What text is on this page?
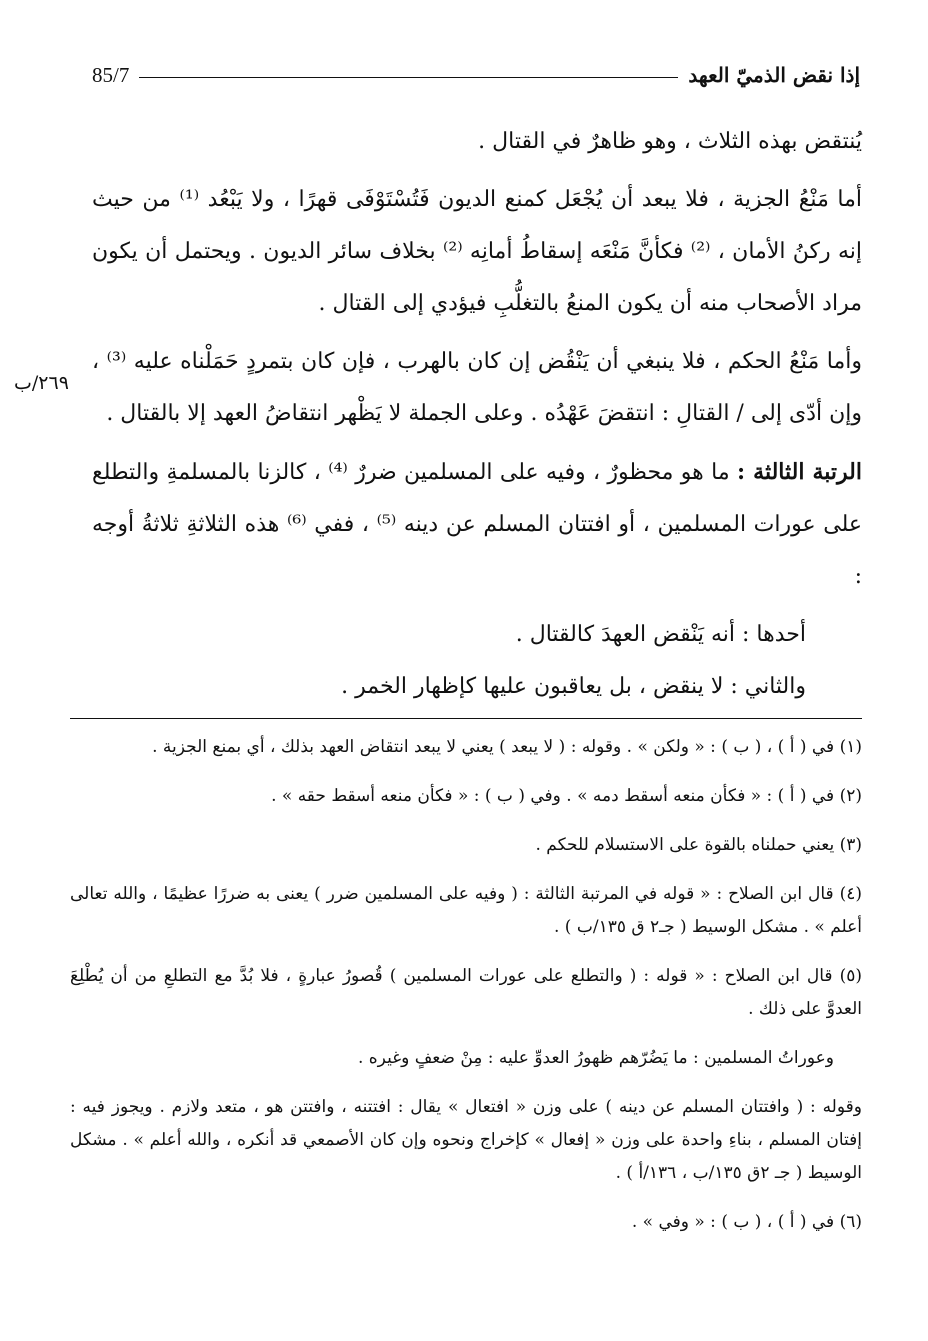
إذا نقض الذميّ العهد
85/7
٢٦٩/ب

يُنتقض بهذه الثلاث ، وهو ظاهرٌ في القتال .

أما مَنْعُ الجزية ، فلا يبعد أن يُجْعَل كمنع الديون فَتُسْتَوْفَى قهرًا ، ولا يَبْعُد ⁽¹⁾ من حيث إنه ركنُ الأمان ، ⁽²⁾ فكأنَّ مَنْعَه إسقاطُ أمانِه ⁽²⁾ بخلاف سائر الديون . ويحتمل أن يكون مراد الأصحاب منه أن يكون المنعُ بالتغلُّبِ فيؤدي إلى القتال .

وأما مَنْعُ الحكم ، فلا ينبغي أن يَنْقُض إن كان بالهرب ، فإن كان بتمردٍ حَمَلْناه عليه ⁽³⁾ ، وإن أدّى إلى / القتالِ : انتقضَ عَهْدُه . وعلى الجملة لا يَظْهر انتقاضُ العهد إلا بالقتال .

الرتبة الثالثة : ما هو محظورٌ ، وفيه على المسلمين ضررٌ ⁽⁴⁾ ، كالزنا بالمسلمةِ والتطلع على عورات المسلمين ، أو افتتان المسلم عن دينه ⁽⁵⁾ ، ففي ⁽⁶⁾ هذه الثلاثةِ ثلاثةُ أوجه :

أحدها : أنه يَنْقض العهدَ كالقتال .

والثاني : لا ينقض ، بل يعاقبون عليها كإظهار الخمر .

(١) في ( أ ) ، ( ب ) : « ولكن » . وقوله : ( لا يبعد ) يعني لا يبعد انتقاض العهد بذلك ، أي بمنع الجزية .

(٢) في ( أ ) : « فكأن منعه أسقط دمه » . وفي ( ب ) : « فكأن منعه أسقط حقه » .

(٣) يعني حملناه بالقوة على الاستسلام للحكم .

(٤) قال ابن الصلاح : « قوله في المرتبة الثالثة : ( وفيه على المسلمين ضرر ) يعنى به ضررًا عظيمًا ، والله تعالى أعلم » . مشكل الوسيط ( جـ٢ ق ١٣٥/ب ) .

(٥) قال ابن الصلاح : « قوله : ( والتطلع على عورات المسلمين ) قُصورُ عبارةٍ ، فلا بُدَّ مع التطلعِ من أن يُطْلِعَ العدوَّ على ذلك .

وعوراتُ المسلمين : ما يَضُرّهم ظهورُ العدوِّ عليه : مِنْ ضعفٍ وغيره .

وقوله : ( وافتتان المسلم عن دينه ) على وزن « افتعال » يقال : افتتنه ، وافتتن هو ، متعد ولازم . ويجوز فيه : إفتان المسلم ، بناءِ واحدة على وزن « إفعال » كإخراج ونحوه وإن كان الأصمعي قد أنكره ، والله أعلم » . مشكل الوسيط ( جـ ٢ق ١٣٥/ب ، ١٣٦/أ ) .

(٦) في ( أ ) ، ( ب ) : « وفي » .
